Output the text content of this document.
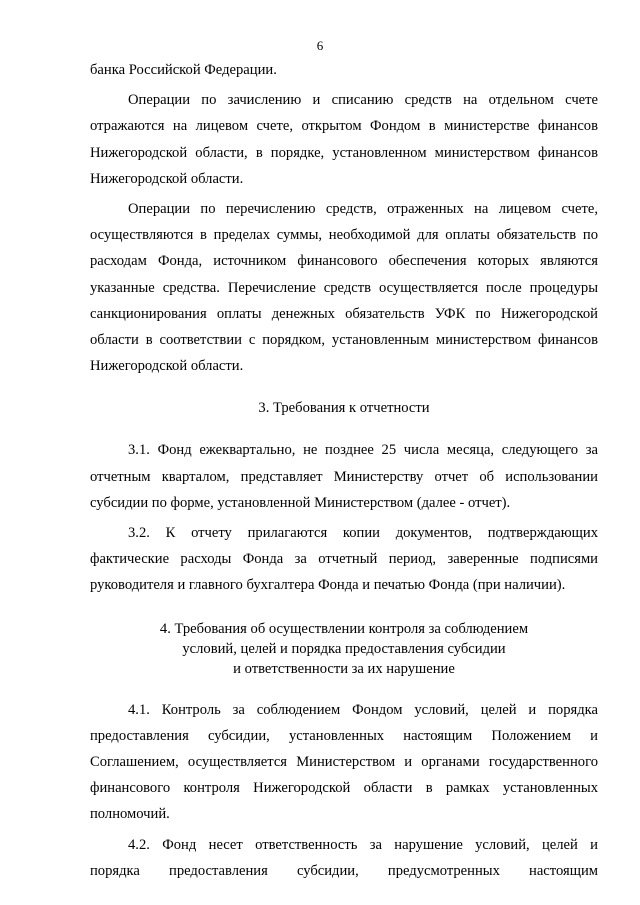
6

банка Российской Федерации.

Операции по зачислению и списанию средств на отдельном счете отражаются на лицевом счете, открытом Фондом в министерстве финансов Нижегородской области, в порядке, установленном министерством финансов Нижегородской области.

Операции по перечислению средств, отраженных на лицевом счете, осуществляются в пределах суммы, необходимой для оплаты обязательств по расходам Фонда, источником финансового обеспечения которых являются указанные средства. Перечисление средств осуществляется после процедуры санкционирования оплаты денежных обязательств УФК по Нижегородской области в соответствии с порядком, установленным министерством финансов Нижегородской области.

3. Требования к отчетности

3.1. Фонд ежеквартально, не позднее 25 числа месяца, следующего за отчетным кварталом, представляет Министерству отчет об использовании субсидии по форме, установленной Министерством (далее - отчет).

3.2. К отчету прилагаются копии документов, подтверждающих фактические расходы Фонда за отчетный период, заверенные подписями руководителя и главного бухгалтера Фонда и печатью Фонда (при наличии).

4. Требования об осуществлении контроля за соблюдением
условий, целей и порядка предоставления субсидии
и ответственности за их нарушение

4.1. Контроль за соблюдением Фондом условий, целей и порядка предоставления субсидии, установленных настоящим Положением и Соглашением, осуществляется Министерством и органами государственного финансового контроля Нижегородской области в рамках установленных полномочий.

4.2. Фонд несет ответственность за нарушение условий, целей и

порядка предоставления субсидии, предусмотренных настоящим
